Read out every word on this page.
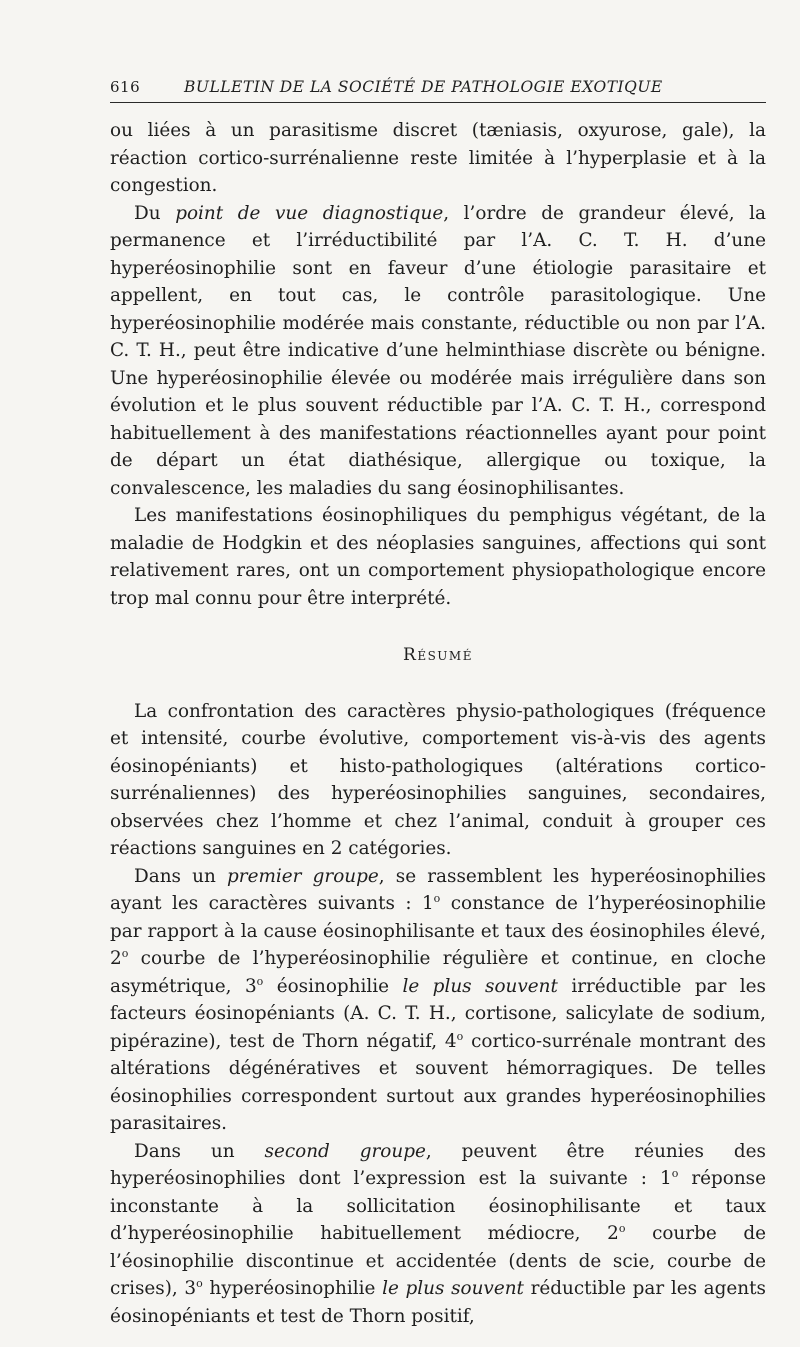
616	BULLETIN DE LA SOCIÉTÉ DE PATHOLOGIE EXOTIQUE

ou liées à un parasitisme discret (tæniasis, oxyurose, gale), la réaction cortico-surrénalienne reste limitée à l’hyperplasie et à la congestion.

Du point de vue diagnostique, l’ordre de grandeur élevé, la permanence et l’irréductibilité par l’A. C. T. H. d’une hyperéosinophilie sont en faveur d’une étiologie parasitaire et appellent, en tout cas, le contrôle parasitologique. Une hyperéosinophilie modérée mais constante, réductible ou non par l’A. C. T. H., peut être indicative d’une helminthiase discrète ou bénigne. Une hyperéosinophilie élevée ou modérée mais irrégulière dans son évolution et le plus souvent réductible par l’A. C. T. H., correspond habituellement à des manifestations réactionnelles ayant pour point de départ un état diathésique, allergique ou toxique, la convalescence, les maladies du sang éosinophilisantes.

Les manifestations éosinophiliques du pemphigus végétant, de la maladie de Hodgkin et des néoplasies sanguines, affections qui sont relativement rares, ont un comportement physiopathologique encore trop mal connu pour être interprété.

Résumé

La confrontation des caractères physio-pathologiques (fréquence et intensité, courbe évolutive, comportement vis-à-vis des agents éosinopéniants) et histo-pathologiques (altérations cortico-surrénaliennes) des hyperéosinophilies sanguines, secondaires, observées chez l’homme et chez l’animal, conduit à grouper ces réactions sanguines en 2 catégories.

Dans un premier groupe, se rassemblent les hyperéosinophilies ayant les caractères suivants : 1$^o$ constance de l’hyperéosinophilie par rapport à la cause éosinophilisante et taux des éosinophiles élevé, 2$^o$ courbe de l’hyperéosinophilie régulière et continue, en cloche asymétrique, 3$^o$ éosinophilie le plus souvent irréductible par les facteurs éosinopéniants (A. C. T. H., cortisone, salicylate de sodium, pipérazine), test de Thorn négatif, 4$^o$ cortico-surrénale montrant des altérations dégénératives et souvent hémorragiques. De telles éosinophilies correspondent surtout aux grandes hyperéosinophilies parasitaires.

Dans un second groupe, peuvent être réunies des hyperéosinophilies dont l’expression est la suivante : 1$^o$ réponse inconstante à la sollicitation éosinophilisante et taux d’hyperéosinophilie habituellement médiocre, 2$^o$ courbe de l’éosinophilie discontinue et accidentée (dents de scie, courbe de crises), 3$^o$ hyperéosinophilie le plus souvent réductible par les agents éosinopéniants et test de Thorn positif,
